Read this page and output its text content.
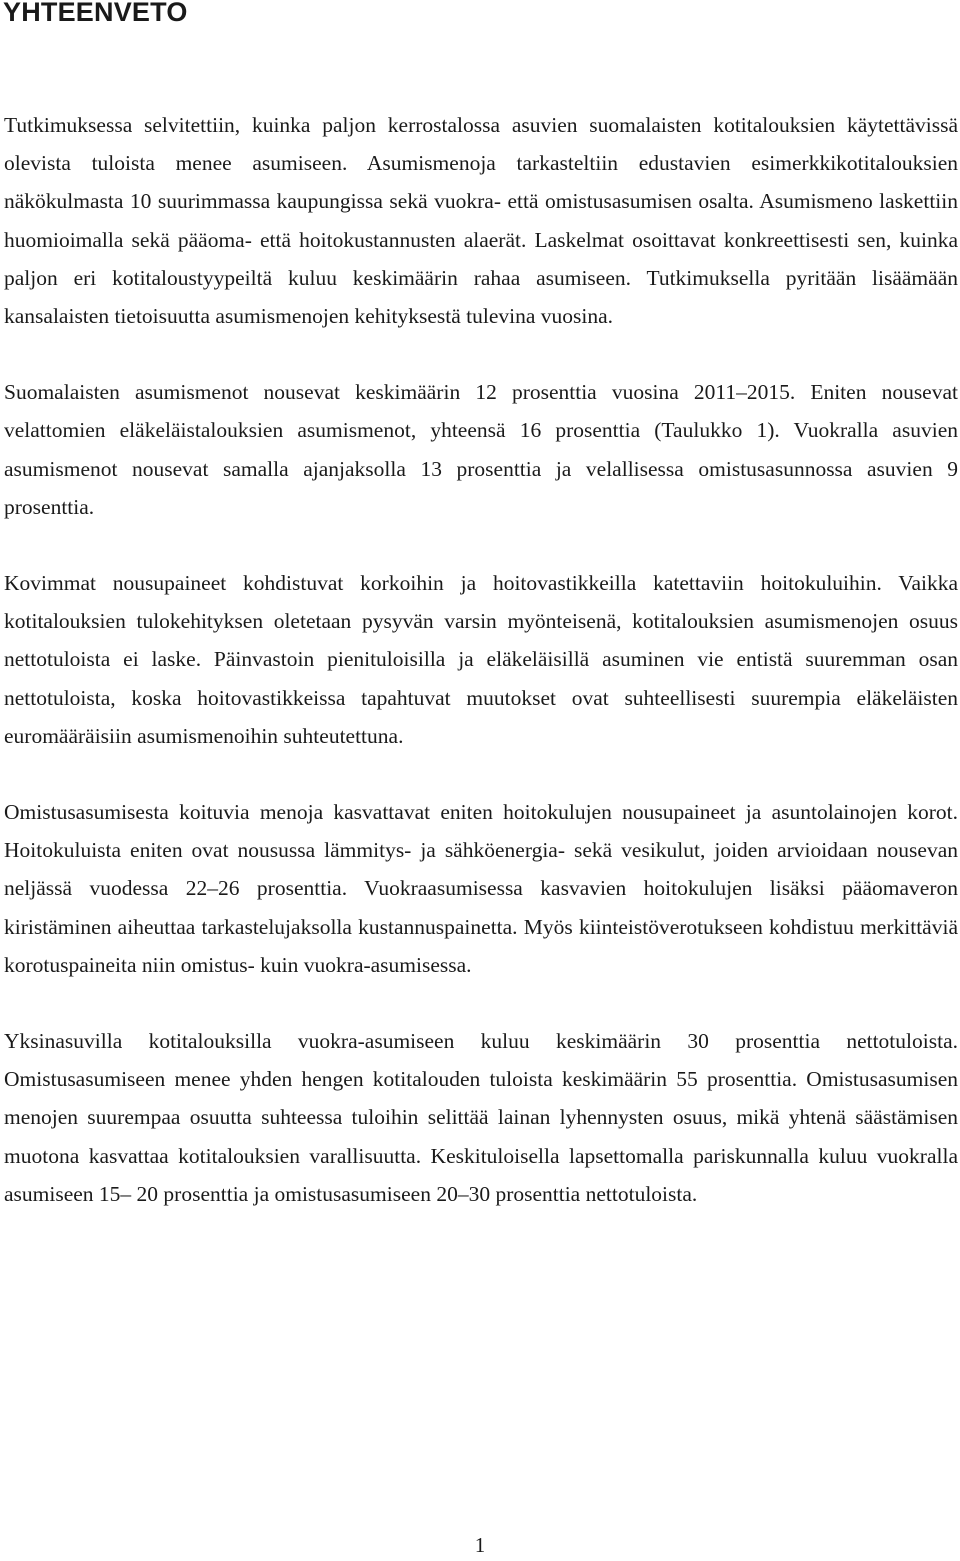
YHTEENVETO

Tutkimuksessa selvitettiin, kuinka paljon kerrostalossa asuvien suomalaisten kotitalouksien käytettävissä olevista tuloista menee asumiseen. Asumismenoja tarkasteltiin edustavien esimerkkikotitalouksien näkökulmasta 10 suurimmassa kaupungissa sekä vuokra- että omistusasumisen osalta. Asumismeno laskettiin huomioimalla sekä pääoma- että hoitokustannusten alaerät. Laskelmat osoittavat konkreettisesti sen, kuinka paljon eri kotitaloustyypeiltä kuluu keskimäärin rahaa asumiseen. Tutkimuksella pyritään lisäämään kansalaisten tietoisuutta asumismenojen kehityksestä tulevina vuosina.

Suomalaisten asumismenot nousevat keskimäärin 12 prosenttia vuosina 2011–2015. Eniten nousevat velattomien eläkeläistalouksien asumismenot, yhteensä 16 prosenttia (Taulukko 1). Vuokralla asuvien asumismenot nousevat samalla ajanjaksolla 13 prosenttia ja velallisessa omistusasunnossa asuvien 9 prosenttia.

Kovimmat nousupaineet kohdistuvat korkoihin ja hoitovastikkeilla katettaviin hoitokuluihin. Vaikka kotitalouksien tulokehityksen oletetaan pysyvän varsin myönteisenä, kotitalouksien asumismenojen osuus nettotuloista ei laske. Päinvastoin pienituloisilla ja eläkeläisillä asuminen vie entistä suuremman osan nettotuloista, koska hoitovastikkeissa tapahtuvat muutokset ovat suhteellisesti suurempia eläkeläisten euromääräisiin asumismenoihin suhteutettuna.

Omistusasumisesta koituvia menoja kasvattavat eniten hoitokulujen nousupaineet ja asuntolainojen korot. Hoitokuluista eniten ovat nousussa lämmitys- ja sähköenergia- sekä vesikulut, joiden arvioidaan nousevan neljässä vuodessa 22–26 prosenttia. Vuokraasumisessa kasvavien hoitokulujen lisäksi pääomaveron kiristäminen aiheuttaa tarkastelujaksolla kustannuspainetta. Myös kiinteistöverotukseen kohdistuu merkittäviä korotuspaineita niin omistus- kuin vuokra-asumisessa.

Yksinasuvilla kotitalouksilla vuokra-asumiseen kuluu keskimäärin 30 prosenttia nettotuloista. Omistusasumiseen menee yhden hengen kotitalouden tuloista keskimäärin 55 prosenttia. Omistusasumisen menojen suurempaa osuutta suhteessa tuloihin selittää lainan lyhennysten osuus, mikä yhtenä säästämisen muotona kasvattaa kotitalouksien varallisuutta. Keskituloisella lapsettomalla pariskunnalla kuluu vuokralla asumiseen 15– 20 prosenttia ja omistusasumiseen 20–30 prosenttia nettotuloista.

1
